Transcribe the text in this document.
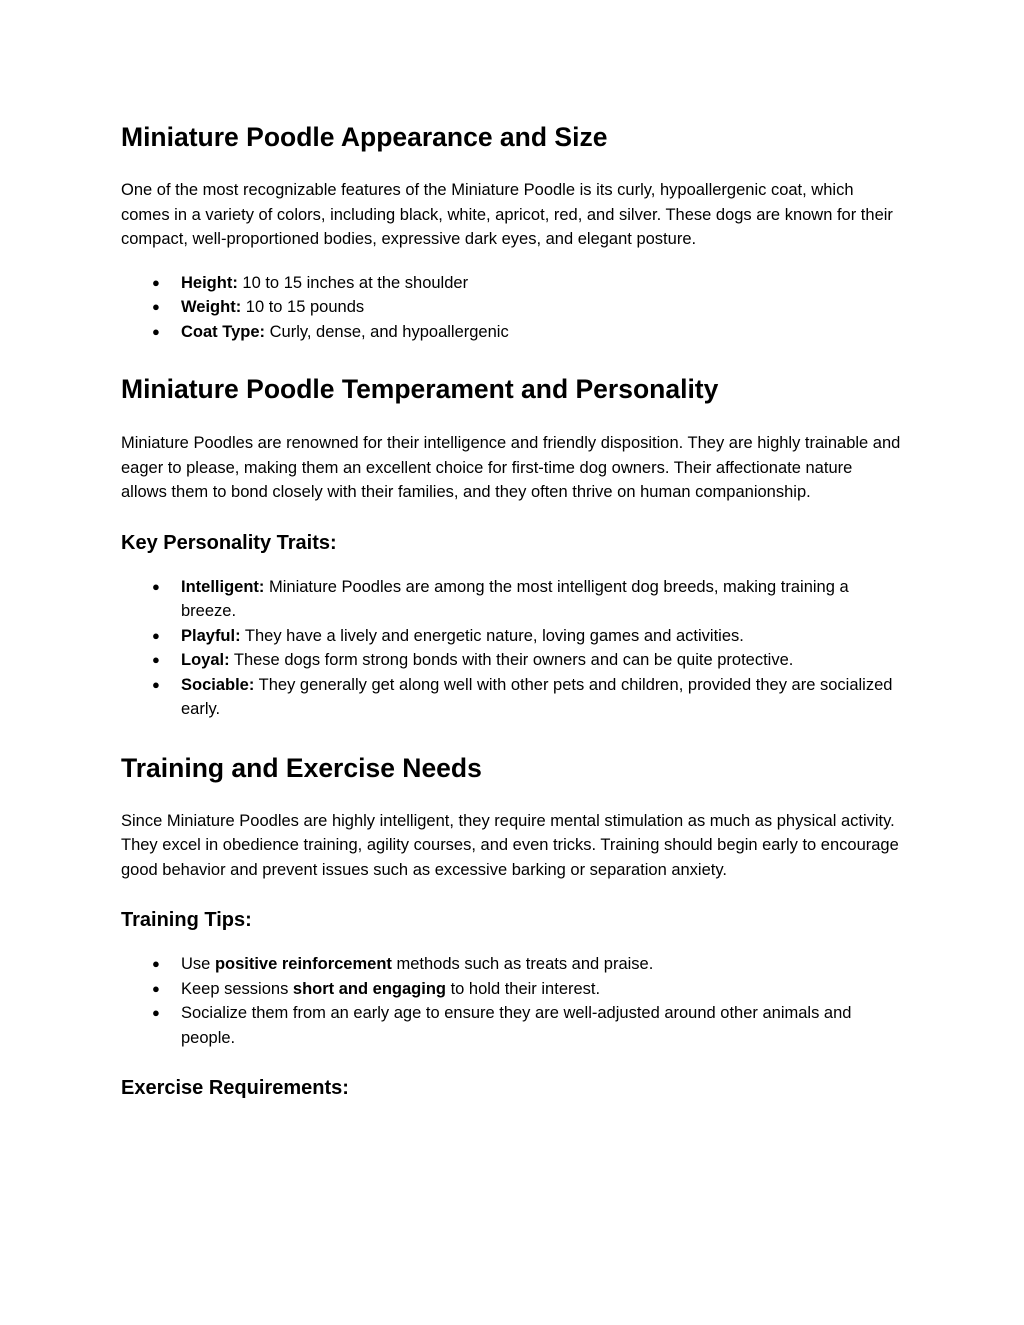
Miniature Poodle Appearance and Size

One of the most recognizable features of the Miniature Poodle is its curly, hypoallergenic coat, which comes in a variety of colors, including black, white, apricot, red, and silver. These dogs are known for their compact, well-proportioned bodies, expressive dark eyes, and elegant posture.

● Height: 10 to 15 inches at the shoulder
● Weight: 10 to 15 pounds
● Coat Type: Curly, dense, and hypoallergenic
Miniature Poodle Temperament and Personality

Miniature Poodles are renowned for their intelligence and friendly disposition. They are highly trainable and eager to please, making them an excellent choice for first-time dog owners. Their affectionate nature allows them to bond closely with their families, and they often thrive on human companionship.

Key Personality Traits:
● Intelligent: Miniature Poodles are among the most intelligent dog breeds, making training a breeze.
● Playful: They have a lively and energetic nature, loving games and activities.
● Loyal: These dogs form strong bonds with their owners and can be quite protective.
● Sociable: They generally get along well with other pets and children, provided they are socialized early.
Training and Exercise Needs

Since Miniature Poodles are highly intelligent, they require mental stimulation as much as physical activity. They excel in obedience training, agility courses, and even tricks. Training should begin early to encourage good behavior and prevent issues such as excessive barking or separation anxiety.

Training Tips:
● Use positive reinforcement methods such as treats and praise.
● Keep sessions short and engaging to hold their interest.
● Socialize them from an early age to ensure they are well-adjusted around other animals and people.
Exercise Requirements:
